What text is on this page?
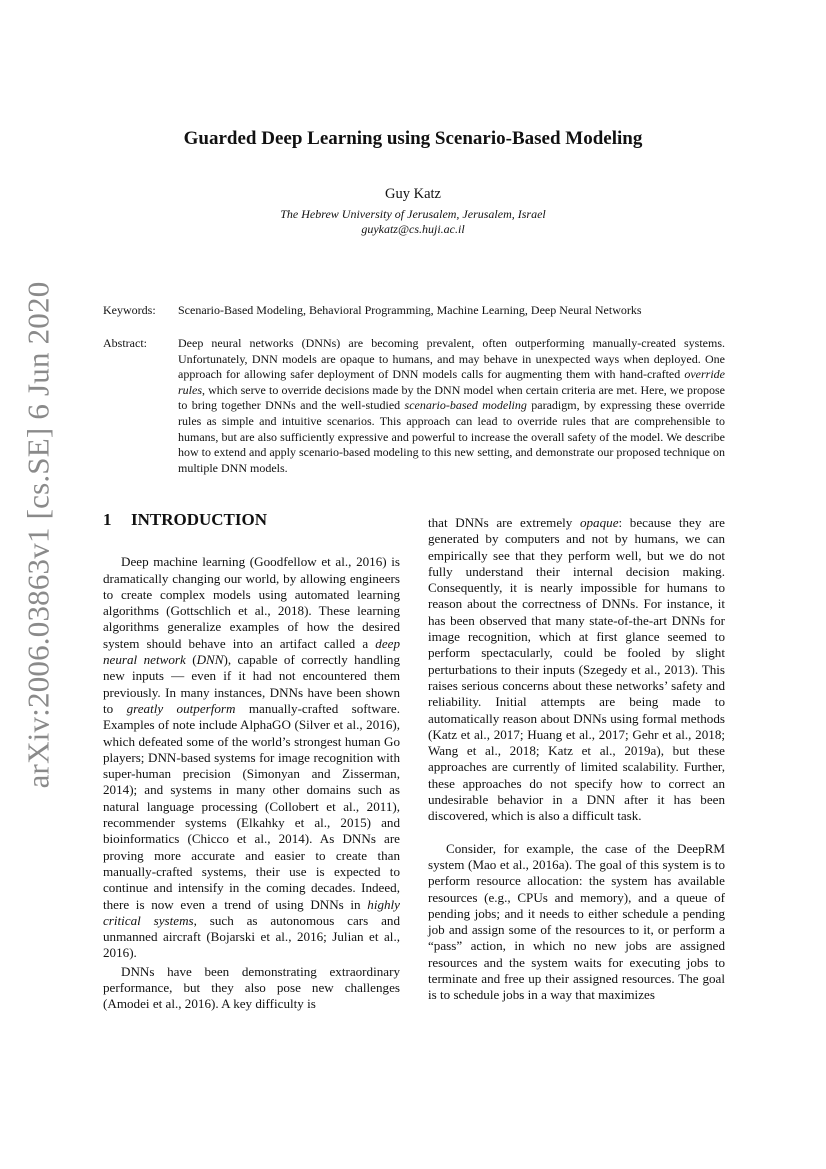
arXiv:2006.03863v1 [cs.SE] 6 Jun 2020
Guarded Deep Learning using Scenario-Based Modeling
Guy Katz
The Hebrew University of Jerusalem, Jerusalem, Israel
guykatz@cs.huji.ac.il
Keywords:	Scenario-Based Modeling, Behavioral Programming, Machine Learning, Deep Neural Networks
Abstract:	Deep neural networks (DNNs) are becoming prevalent, often outperforming manually-created systems. Unfortunately, DNN models are opaque to humans, and may behave in unexpected ways when deployed. One approach for allowing safer deployment of DNN models calls for augmenting them with hand-crafted override rules, which serve to override decisions made by the DNN model when certain criteria are met. Here, we propose to bring together DNNs and the well-studied scenario-based modeling paradigm, by expressing these override rules as simple and intuitive scenarios. This approach can lead to override rules that are comprehensible to humans, but are also sufficiently expressive and powerful to increase the overall safety of the model. We describe how to extend and apply scenario-based modeling to this new setting, and demonstrate our proposed technique on multiple DNN models.
1 INTRODUCTION

Deep machine learning (Goodfellow et al., 2016) is dramatically changing our world, by allowing engineers to create complex models using automated learning algorithms (Gottschlich et al., 2018). These learning algorithms generalize examples of how the desired system should behave into an artifact called a deep neural network (DNN), capable of correctly handling new inputs — even if it had not encountered them previously. In many instances, DNNs have been shown to greatly outperform manually-crafted software. Examples of note include AlphaGO (Silver et al., 2016), which defeated some of the world’s strongest human Go players; DNN-based systems for image recognition with super-human precision (Simonyan and Zisserman, 2014); and systems in many other domains such as natural language processing (Collobert et al., 2011), recommender systems (Elkahky et al., 2015) and bioinformatics (Chicco et al., 2014). As DNNs are proving more accurate and easier to create than manually-crafted systems, their use is expected to continue and intensify in the coming decades. Indeed, there is now even a trend of using DNNs in highly critical systems, such as autonomous cars and unmanned aircraft (Bojarski et al., 2016; Julian et al., 2016).

DNNs have been demonstrating extraordinary performance, but they also pose new challenges (Amodei et al., 2016). A key difficulty is

that DNNs are extremely opaque: because they are generated by computers and not by humans, we can empirically see that they perform well, but we do not fully understand their internal decision making. Consequently, it is nearly impossible for humans to reason about the correctness of DNNs. For instance, it has been observed that many state-of-the-art DNNs for image recognition, which at first glance seemed to perform spectacularly, could be fooled by slight perturbations to their inputs (Szegedy et al., 2013). This raises serious concerns about these networks’ safety and reliability. Initial attempts are being made to automatically reason about DNNs using formal methods (Katz et al., 2017; Huang et al., 2017; Gehr et al., 2018; Wang et al., 2018; Katz et al., 2019a), but these approaches are currently of limited scalability. Further, these approaches do not specify how to correct an undesirable behavior in a DNN after it has been discovered, which is also a difficult task.

Consider, for example, the case of the DeepRM system (Mao et al., 2016a). The goal of this system is to perform resource allocation: the system has available resources (e.g., CPUs and memory), and a queue of pending jobs; and it needs to either schedule a pending job and assign some of the resources to it, or perform a “pass” action, in which no new jobs are assigned resources and the system waits for executing jobs to terminate and free up their assigned resources. The goal is to schedule jobs in a way that maximizes
